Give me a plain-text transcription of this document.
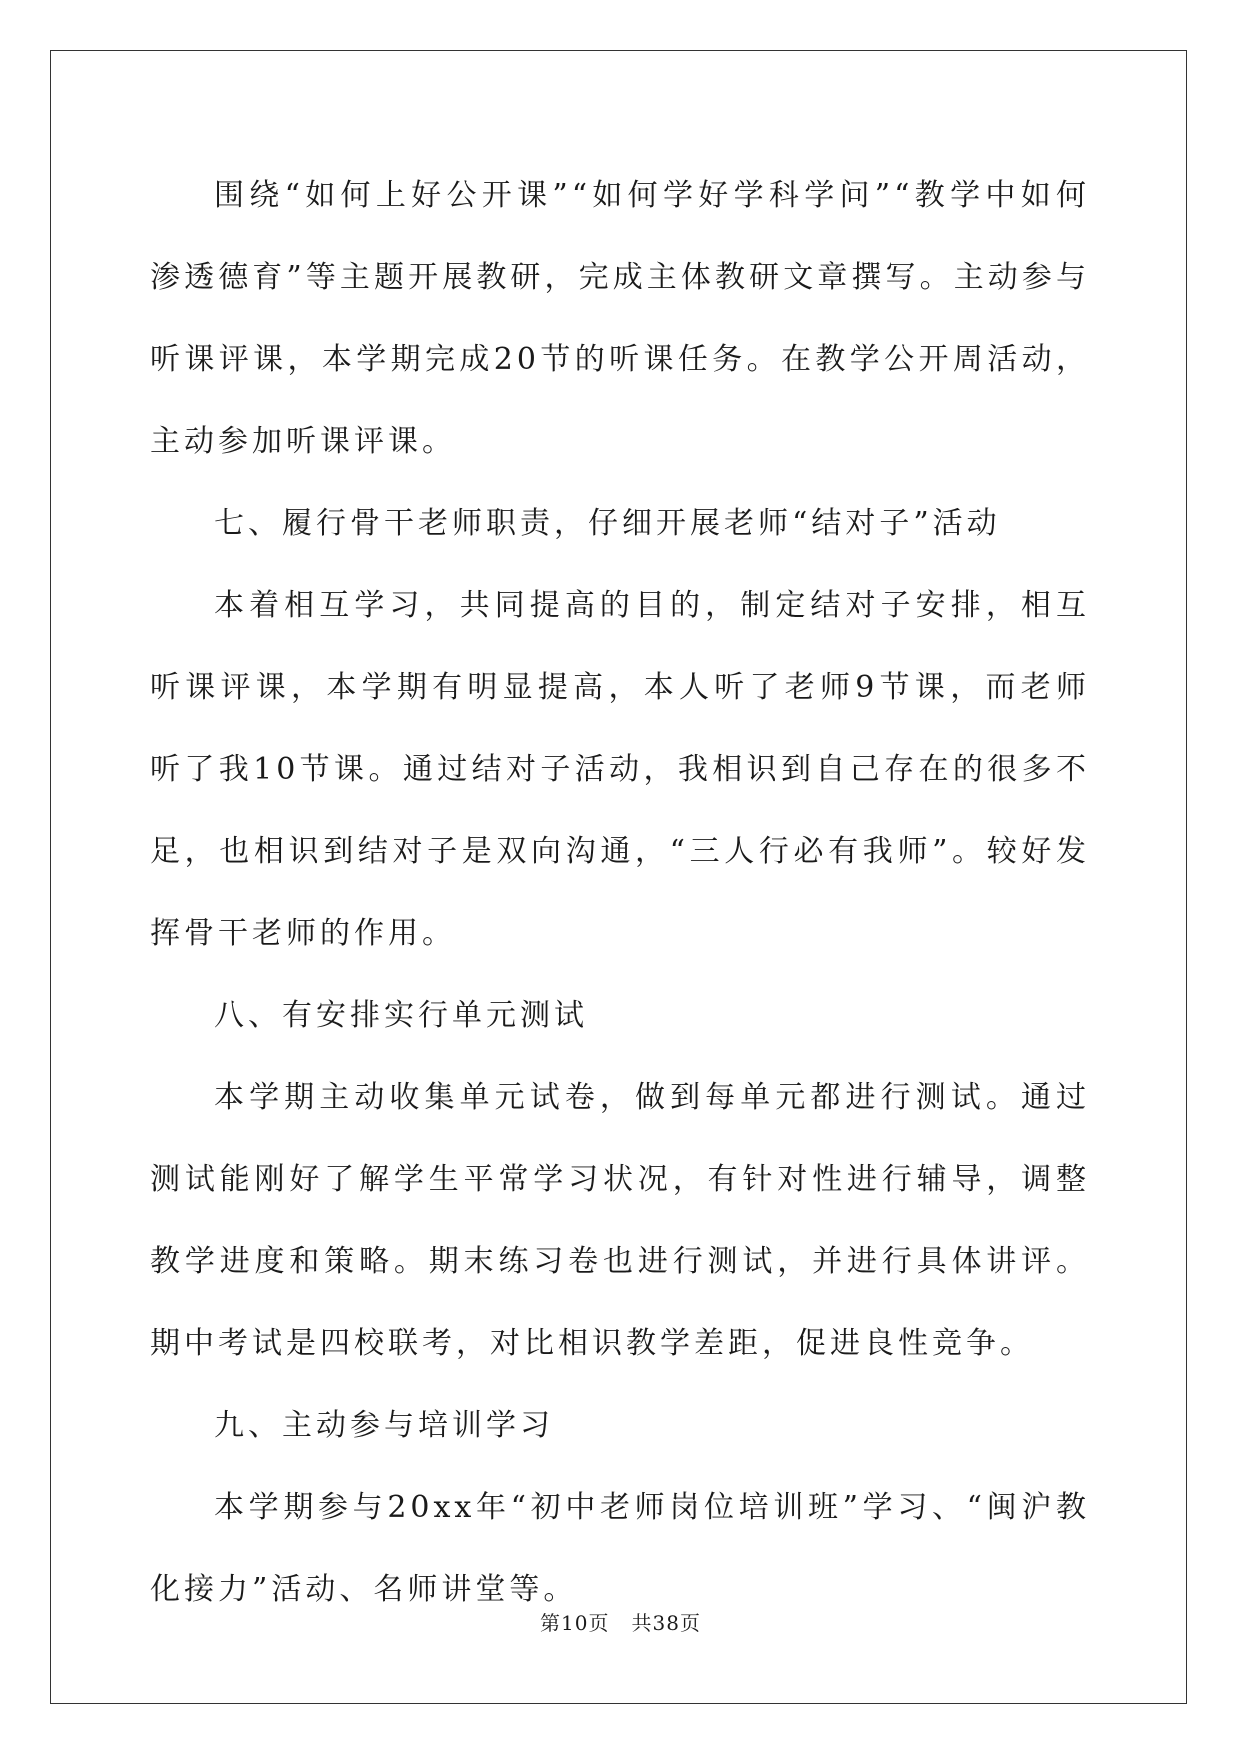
围绕“如何上好公开课”“如何学好学科学问”“教学中如何渗透德育”等主题开展教研，完成主体教研文章撰写。主动参与听课评课，本学期完成20节的听课任务。在教学公开周活动，主动参加听课评课。

七、履行骨干老师职责，仔细开展老师“结对子”活动

本着相互学习，共同提高的目的，制定结对子安排，相互听课评课，本学期有明显提高，本人听了老师9节课，而老师听了我10节课。通过结对子活动，我相识到自己存在的很多不足，也相识到结对子是双向沟通，“三人行必有我师”。较好发挥骨干老师的作用。

八、有安排实行单元测试

本学期主动收集单元试卷，做到每单元都进行测试。通过测试能刚好了解学生平常学习状况，有针对性进行辅导，调整教学进度和策略。期末练习卷也进行测试，并进行具体讲评。期中考试是四校联考，对比相识教学差距，促进良性竞争。

九、主动参与培训学习

本学期参与20xx年“初中老师岗位培训班”学习、“闽沪教化接力”活动、名师讲堂等。

第10页 共38页
